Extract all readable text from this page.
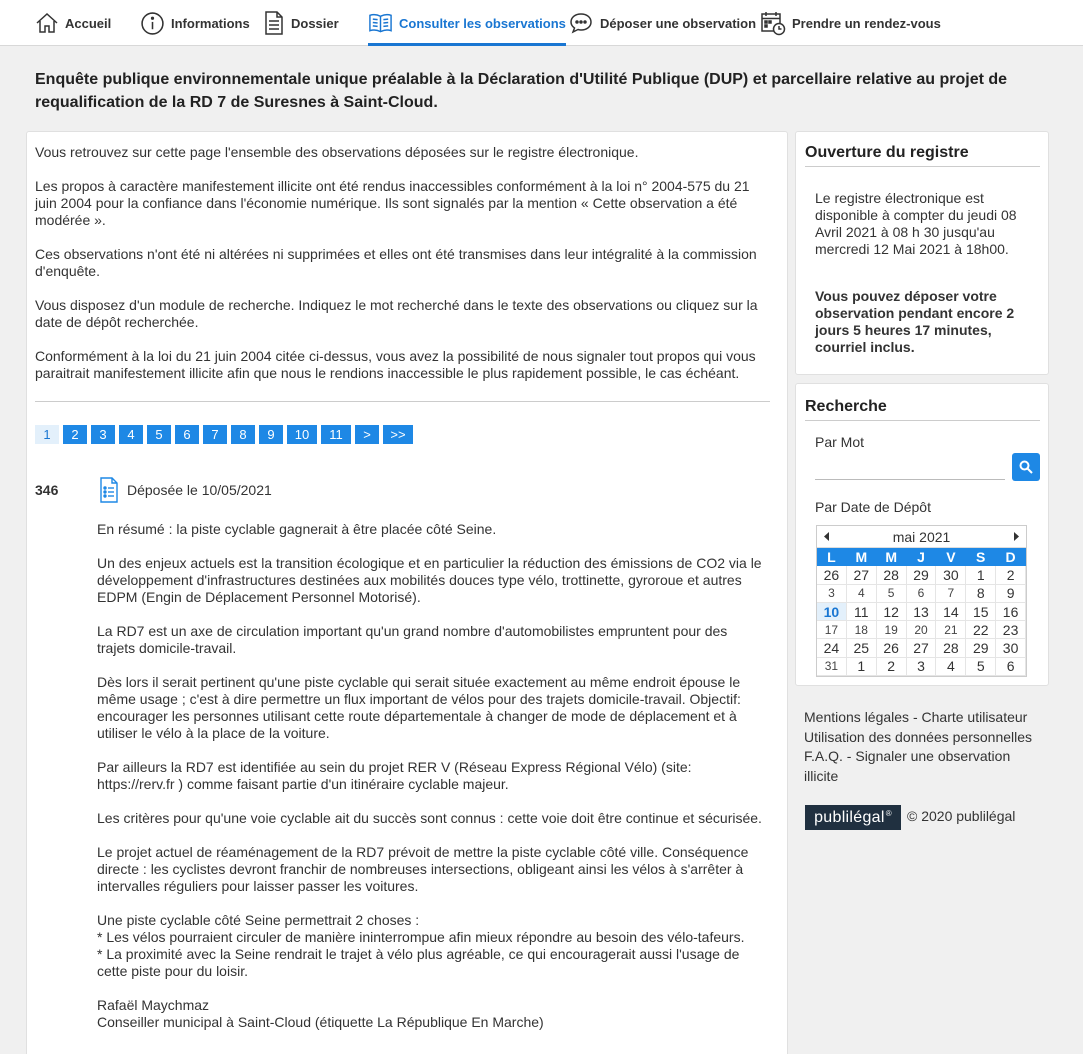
Accueil	Informations	Dossier	Consulter les observations	Déposer une observation	Prendre un rendez-vous
Enquête publique environnementale unique préalable à la Déclaration d'Utilité Publique (DUP) et parcellaire relative au projet de requalification de la RD 7 de Suresnes à Saint-Cloud.

Vous retrouvez sur cette page l'ensemble des observations déposées sur le registre électronique.

Les propos à caractère manifestement illicite ont été rendus inaccessibles conformément à la loi n° 2004-575 du 21 juin 2004 pour la confiance dans l'économie numérique. Ils sont signalés par la mention « Cette observation a été modérée ».

Ces observations n'ont été ni altérées ni supprimées et elles ont été transmises dans leur intégralité à la commission d'enquête.

Vous disposez d'un module de recherche. Indiquez le mot recherché dans le texte des observations ou cliquez sur la date de dépôt recherchée.

Conformément à la loi du 21 juin 2004 citée ci-dessus, vous avez la possibilité de nous signaler tout propos qui vous paraitrait manifestement illicite afin que nous le rendions inaccessible le plus rapidement possible, le cas échéant.

1	2	3	4	5	6	7	8	9	10	11	>	>>
346	Déposée le 10/05/2021

En résumé : la piste cyclable gagnerait à être placée côté Seine.

Un des enjeux actuels est la transition écologique et en particulier la réduction des émissions de CO2 via le développement d'infrastructures destinées aux mobilités douces type vélo, trottinette, gyroroue et autres EDPM (Engin de Déplacement Personnel Motorisé).

La RD7 est un axe de circulation important qu'un grand nombre d'automobilistes empruntent pour des trajets domicile-travail.

Dès lors il serait pertinent qu'une piste cyclable qui serait située exactement au même endroit épouse le même usage ; c'est à dire permettre un flux important de vélos pour des trajets domicile-travail. Objectif: encourager les personnes utilisant cette route départementale à changer de mode de déplacement et à utiliser le vélo à la place de la voiture.

Par ailleurs la RD7 est identifiée au sein du projet RER V (Réseau Express Régional Vélo) (site: https://rerv.fr ) comme faisant partie d'un itinéraire cyclable majeur.

Les critères pour qu'une voie cyclable ait du succès sont connus : cette voie doit être continue et sécurisée.

Le projet actuel de réaménagement de la RD7 prévoit de mettre la piste cyclable côté ville. Conséquence directe : les cyclistes devront franchir de nombreuses intersections, obligeant ainsi les vélos à s'arrêter à intervalles réguliers pour laisser passer les voitures.

Une piste cyclable côté Seine permettrait 2 choses :
* Les vélos pourraient circuler de manière ininterrompue afin mieux répondre au besoin des vélo-tafeurs.
* La proximité avec la Seine rendrait le trajet à vélo plus agréable, ce qui encouragerait aussi l'usage de cette piste pour du loisir.

Rafaël Maychmaz
Conseiller municipal à Saint-Cloud (étiquette La République En Marche)

Ouverture du registre
Le registre électronique est disponible à compter du jeudi 08 Avril 2021 à 08 h 30 jusqu'au mercredi 12 Mai 2021 à 18h00.
Vous pouvez déposer votre observation pendant encore 2 jours 5 heures 17 minutes, courriel inclus.
Recherche
Par Mot
Par Date de Dépôt
mai 2021
L	M	M	J	V	S	D
26	27	28	29	30	1	2
3	4	5	6	7	8	9
10	11	12	13	14	15	16
17	18	19	20	21	22	23
24	25	26	27	28	29	30
31	1	2	3	4	5	6
Mentions légales - Charte utilisateur
Utilisation des données personnelles
F.A.Q. - Signaler une observation illicite
publilégal® © 2020 publilégal
